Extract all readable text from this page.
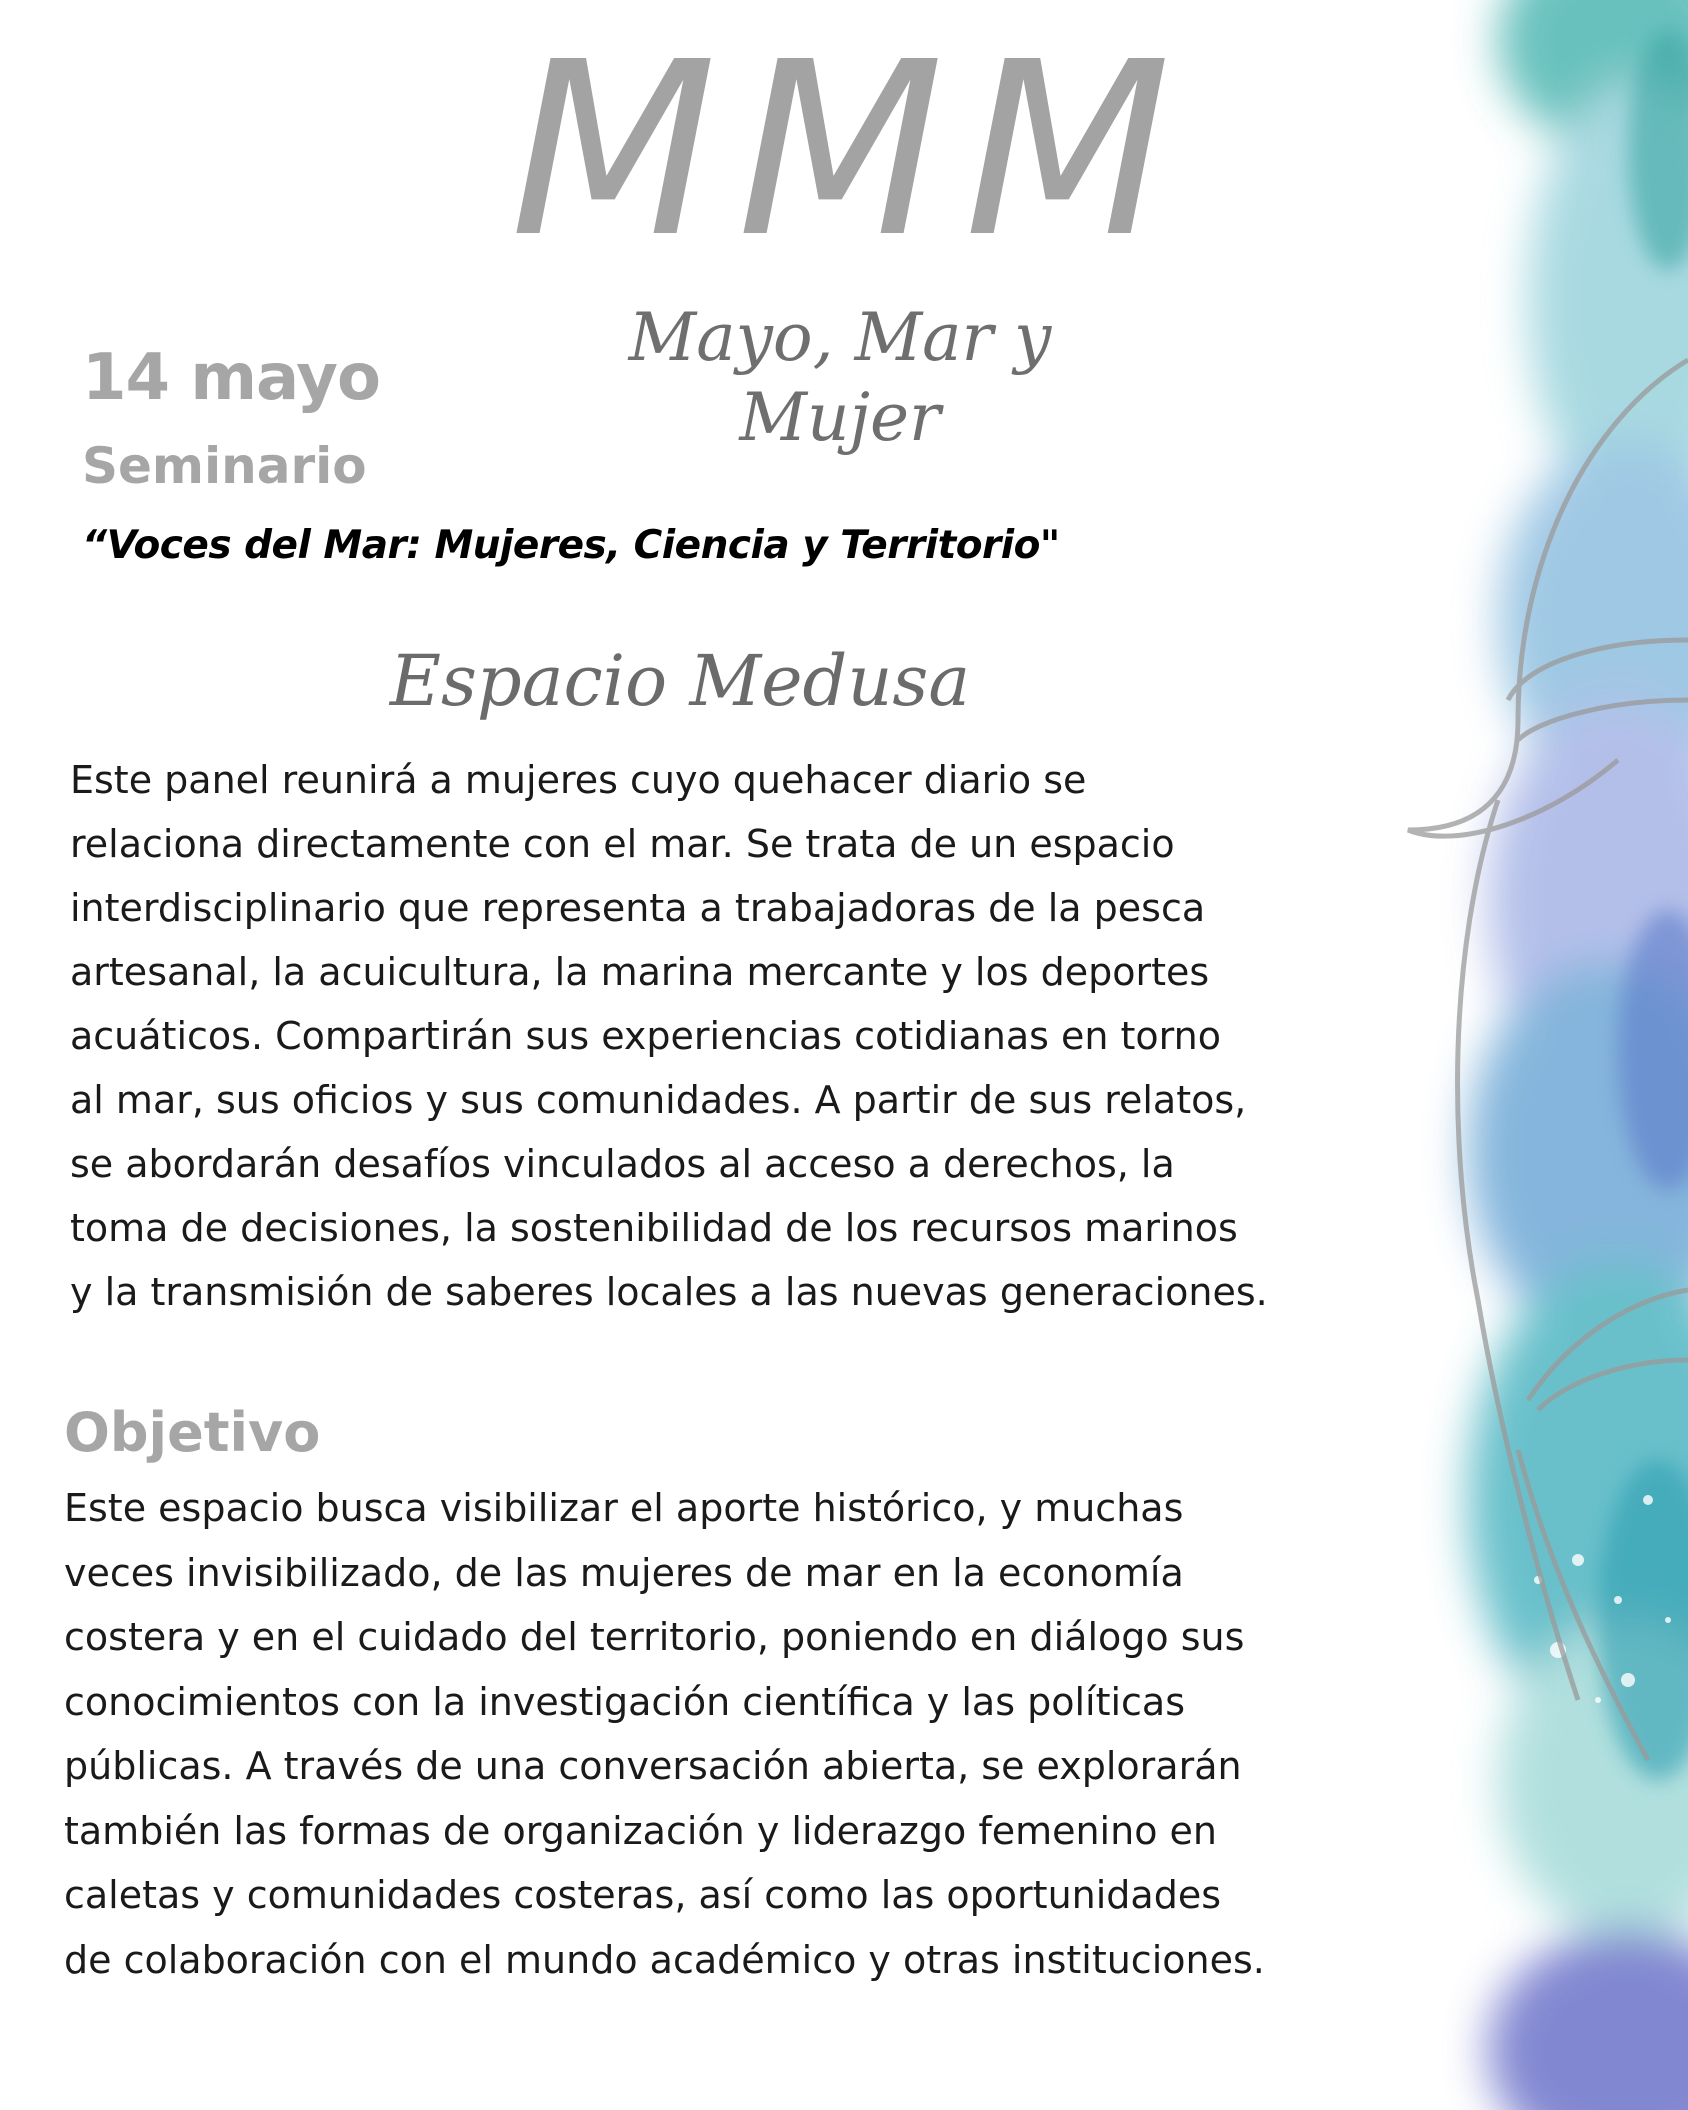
MMM
Mayo, Mar y Mujer
14 mayo
Seminario
“Voces del Mar: Mujeres, Ciencia y Territorio"
Espacio Medusa
Este panel reunirá a mujeres cuyo quehacer diario se
relaciona directamente con el mar. Se trata de un espacio
interdisciplinario que representa a trabajadoras de la pesca
artesanal, la acuicultura, la marina mercante y los deportes
acuáticos. Compartirán sus experiencias cotidianas en torno
al mar, sus oficios y sus comunidades. A partir de sus relatos,
se abordarán desafíos vinculados al acceso a derechos, la
toma de decisiones, la sostenibilidad de los recursos marinos
y la transmisión de saberes locales a las nuevas generaciones.
Objetivo
Este espacio busca visibilizar el aporte histórico, y muchas
veces invisibilizado, de las mujeres de mar en la economía
costera y en el cuidado del territorio, poniendo en diálogo sus
conocimientos con la investigación científica y las políticas
públicas. A través de una conversación abierta, se explorarán
también las formas de organización y liderazgo femenino en
caletas y comunidades costeras, así como las oportunidades
de colaboración con el mundo académico y otras instituciones.
